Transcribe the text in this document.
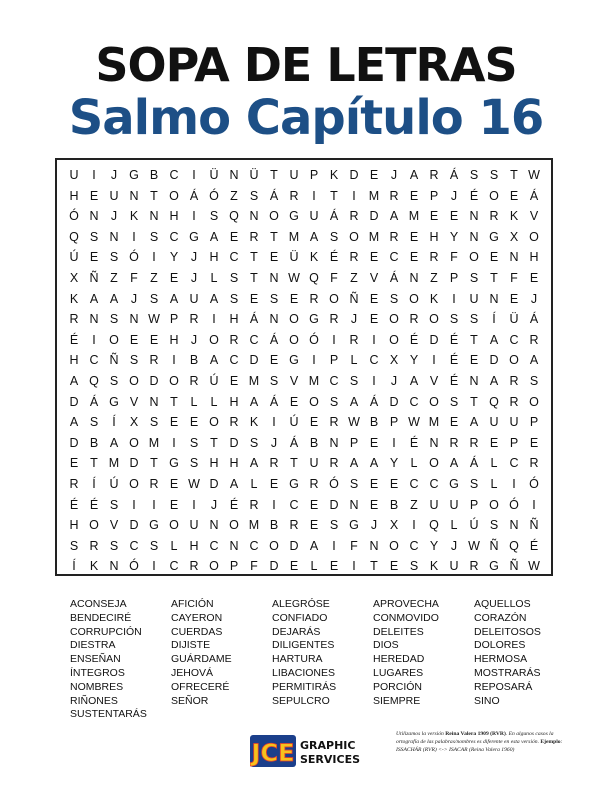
SOPA DE LETRAS
Salmo Capítulo 16
U	I	J G B C	I	Ü N Ü T U P K D E	J	A R Á S S T W
H E U N T O Á Ó Z S Á R	I	T	I	M R E P	J	É O E Á
Ó N J	K N H	I	S Q N O G U Á R D A M E E N R K V
Q S N	I	S C G A E R T M A S O M R E H Y N G X O
Ú E S Ó	I	Y	J H C T E Ü K É R E C E R F O E N H
X Ñ Z F Z E	J	L S T N W Q F Z V Á N Z P S T F E
K A A	J	S A U A S E S E R O Ñ E S O K	I	U N E	J
R N S N W P R	I	H Á N O G R J	E O R O S S	Í	Ü Á
É	I	O E E H J O R C Á O Ó	I	R	I	O É D É T A C R
H C Ñ S R	I	B A C D E G	I	P L C X Y	I	É E D O A
A Q S O D O R Ú E M S V M C S	I	J	A V É N A R S
D Á G V N T	L	L H A Á E O S A Á D C O S T Q R O
A S	Í	X S E E O R K	I	Ú E R W B P W M E A U U P
D B A O M	I	S T D S	J	Á B N P E	I	É N R R E P E
E T M D T G S H H A R T U R A A Y L O A Á L C R
R	Í	Ú O R E W D A L E G R Ó S E E C C G S L	I	Ó
É É S	I	I	E	I	J	É R	I	C E D N E B Z U U P O Ó	I
H O V D G O U N O M B R E S G J	X	I	Q L Ú S N Ñ
S R S C S L H C N C O D A	I	F N O C Y	J W Ñ Q É
Í	K N Ó	I	C R O P F D E L E	I	T E S K U R G Ñ W
ACONSEJA
BENDECIRÉ
CORRUPCIÓN
DIESTRA
ENSEÑAN
ÍNTEGROS
NOMBRES
RIÑONES
SUSTENTARÁS
AFICIÓN
CAYERON
CUERDAS
DIJISTE
GUÁRDAME
JEHOVÁ
OFRECERÉ
SEÑOR
ALEGRÓSE
CONFIADO
DEJARÁS
DILIGENTES
HARTURA
LIBACIONES
PERMITIRÁS
SEPULCRO
APROVECHA
CONMOVIDO
DELEITES
DIOS
HEREDAD
LUGARES
PORCIÓN
SIEMPRE
AQUELLOS
CORAZÓN
DELEITOSOS
DOLORES
HERMOSA
MOSTRARÁS
REPOSARÁ
SINO
JCE GRAPHIC
SERVICES
Utilizamos la versión Reina Valera 1909 (RVR). En algunos casos la ortografía de las palabras/nombres es diferente en esta versión. Ejemplo: ISSACHÁR (RVR) <-> ISACAR (Reina Valera 1960)
